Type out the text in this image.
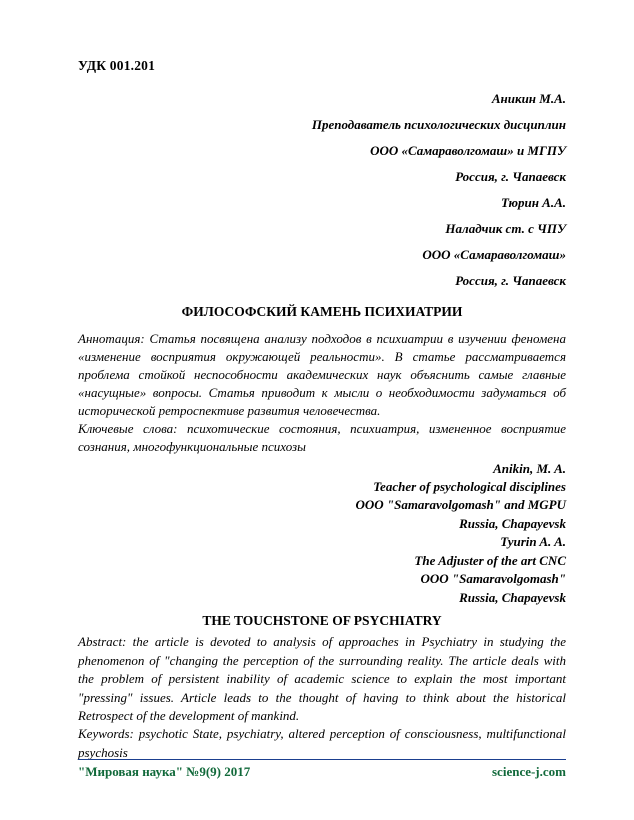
УДК 001.201
Аникин М.А.
Преподаватель психологических дисциплин
ООО «Самараволгомаш» и МГПУ
Россия, г. Чапаевск
Тюрин А.А.
Наладчик ст. с ЧПУ
ООО «Самараволгомаш»
Россия, г. Чапаевск
ФИЛОСОФСКИЙ КАМЕНЬ ПСИХИАТРИИ

Аннотация: Статья посвящена анализу подходов в психиатрии в изучении феномена «изменение восприятия окружающей реальности». В статье рассматривается проблема стойкой неспособности академических наук объяснить самые главные «насущные» вопросы. Статья приводит к мысли о необходимости задуматься об исторической ретроспективе развития человечества.

Ключевые слова: психотические состояния, психиатрия, измененное восприятие сознания, многофункциональные психозы

Anikin, M. A.
Teacher of psychological disciplines
ООО "Samaravolgomash" and MGPU
Russia, Chapayevsk
Tyurin A. A.
The Adjuster of the art CNC
ООО "Samaravolgomash"
Russia, Chapayevsk
THE TOUCHSTONE OF PSYCHIATRY

Abstract: the article is devoted to analysis of approaches in Psychiatry in studying the phenomenon of "changing the perception of the surrounding reality. The article deals with the problem of persistent inability of academic science to explain the most important "pressing" issues. Article leads to the thought of having to think about the historical Retrospect of the development of mankind.

Keywords: psychotic State, psychiatry, altered perception of consciousness, multifunctional psychosis

"Мировая наука" №9(9) 2017	science-j.com
